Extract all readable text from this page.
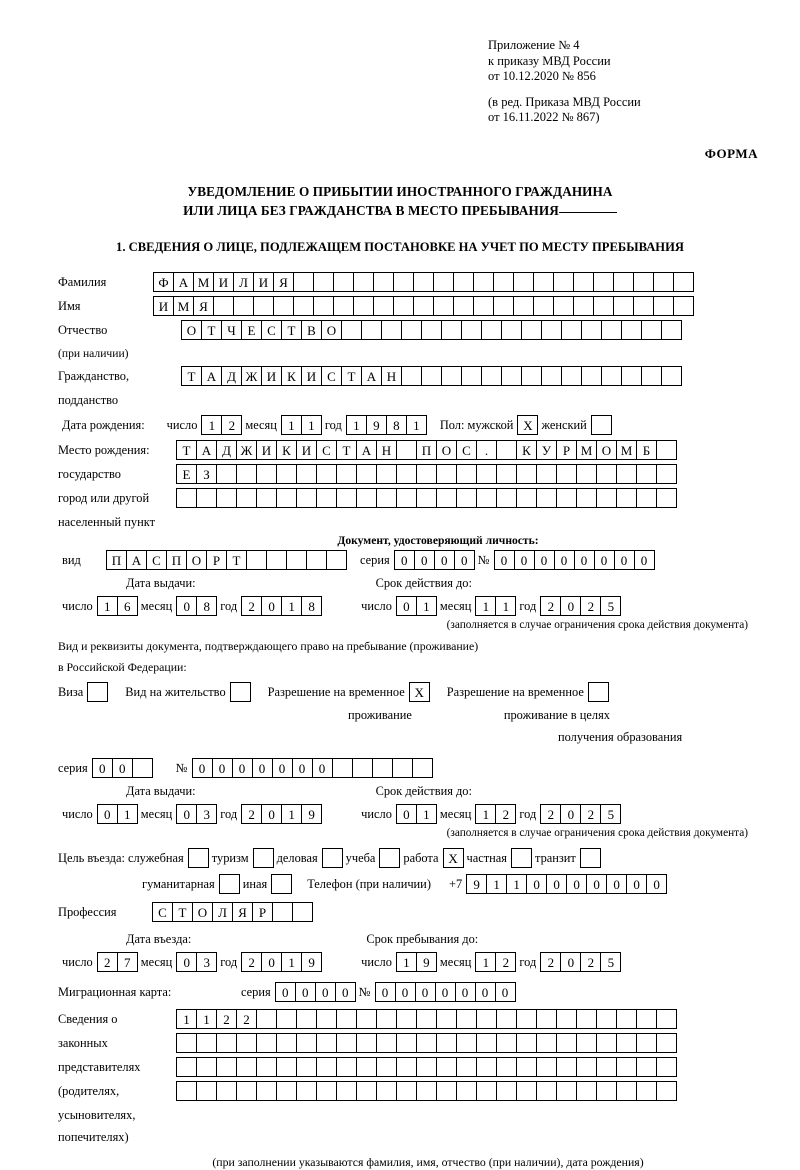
Приложение № 4
к приказу МВД России
от 10.12.2020 № 856
(в ред. Приказа МВД России
от 16.11.2022 № 867)
ФОРМА
УВЕДОМЛЕНИЕ О ПРИБЫТИИ ИНОСТРАННОГО ГРАЖДАНИНА
ИЛИ ЛИЦА БЕЗ ГРАЖДАНСТВА В МЕСТО ПРЕБЫВАНИЯ
1. СВЕДЕНИЯ О ЛИЦЕ, ПОДЛЕЖАЩЕМ ПОСТАНОВКЕ НА УЧЕТ ПО МЕСТУ ПРЕБЫВАНИЯ
Фамилия	Ф А М И Л И Я
Имя	И М Я
Отчество	О Т Ч Е С Т В О
(при наличии)
Гражданство,	Т А Д Ж И К И С Т А Н
подданство
Дата рождения: число 1	2 месяц 1	1 год 1	9	8	1	Пол: мужской Х женский
Место рождения:	Т А Д Ж И К И С Т А Н	П О С	.	К У Р М О М Б
государство	Е З
город или другой
населенный пункт
Документ, удостоверяющий личность:
вид	П А С П О Р Т	серия 0	0	0	0 № 0	0	0	0	0	0	0	0
Дата выдачи:	Срок действия до:
число 1	6 месяц 0	8 год 2	0	1	8	число 0	1 месяц 1	1 год 2	0	2	5
(заполняется в случае ограничения срока действия документа)
Вид и реквизиты документа, подтверждающего право на пребывание (проживание)
в Российской Федерации:
Виза	Вид на жительство	Разрешение на временное Х	Разрешение на временное
проживание	проживание в целях
получения образования
серия 0	0	№ 0	0	0	0	0	0	0
Дата выдачи:	Срок действия до:
число 0	1 месяц 0	3 год 2	0	1	9	число 0	1 месяц 1	2 год 2	0	2	5
(заполняется в случае ограничения срока действия документа)
Цель въезда: служебная туризм деловая учеба работа Х частная транзит
гуманитарная иная	Телефон (при наличии) +7 9	1	1	0	0	0	0	0	0	0
Профессия	С Т О Л Я Р
Дата въезда:	Срок пребывания до:
число 2	7 месяц 0	3 год 2	0	1	9	число 1	9 месяц 1	2 год 2	0	2	5
Миграционная карта:	серия 0	0	0	0 № 0	0	0	0	0	0	0
Сведения о	1	1	2	2
законных
представителях
(родителях,
усыновителях,
попечителях)
(при заполнении указываются фамилия, имя, отчество (при наличии), дата рождения)
